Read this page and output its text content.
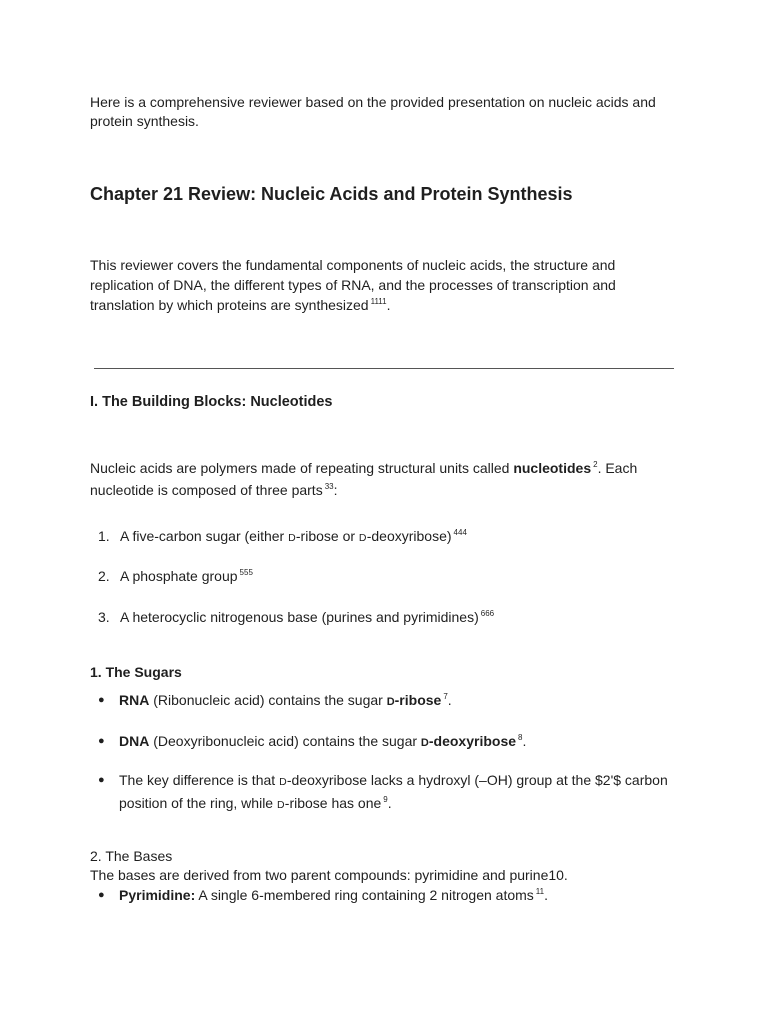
Here is a comprehensive reviewer based on the provided presentation on nucleic acids and protein synthesis.

Chapter 21 Review: Nucleic Acids and Protein Synthesis

This reviewer covers the fundamental components of nucleic acids, the structure and replication of DNA, the different types of RNA, and the processes of transcription and translation by which proteins are synthesized $^{1111}$.

I. The Building Blocks: Nucleotides

Nucleic acids are polymers made of repeating structural units called nucleotides $^2$. Each nucleotide is composed of three parts $^{33}$:

1. A five-carbon sugar (either D-ribose or D-deoxyribose) $^{444}$
2. A phosphate group $^{555}$
3. A heterocyclic nitrogenous base (purines and pyrimidines) $^{666}$
1. The Sugars
●	RNA (Ribonucleic acid) contains the sugar D-ribose $^7$.
●	DNA (Deoxyribonucleic acid) contains the sugar D-deoxyribose $^8$.
●	The key difference is that D-deoxyribose lacks a hydroxyl (–OH) group at the $2'$ carbon position of the ring, while D-ribose has one $^9$.

2. The Bases

The bases are derived from two parent compounds: pyrimidine and purine10.

●	Pyrimidine: A single 6-membered ring containing 2 nitrogen atoms $^{11}$.
